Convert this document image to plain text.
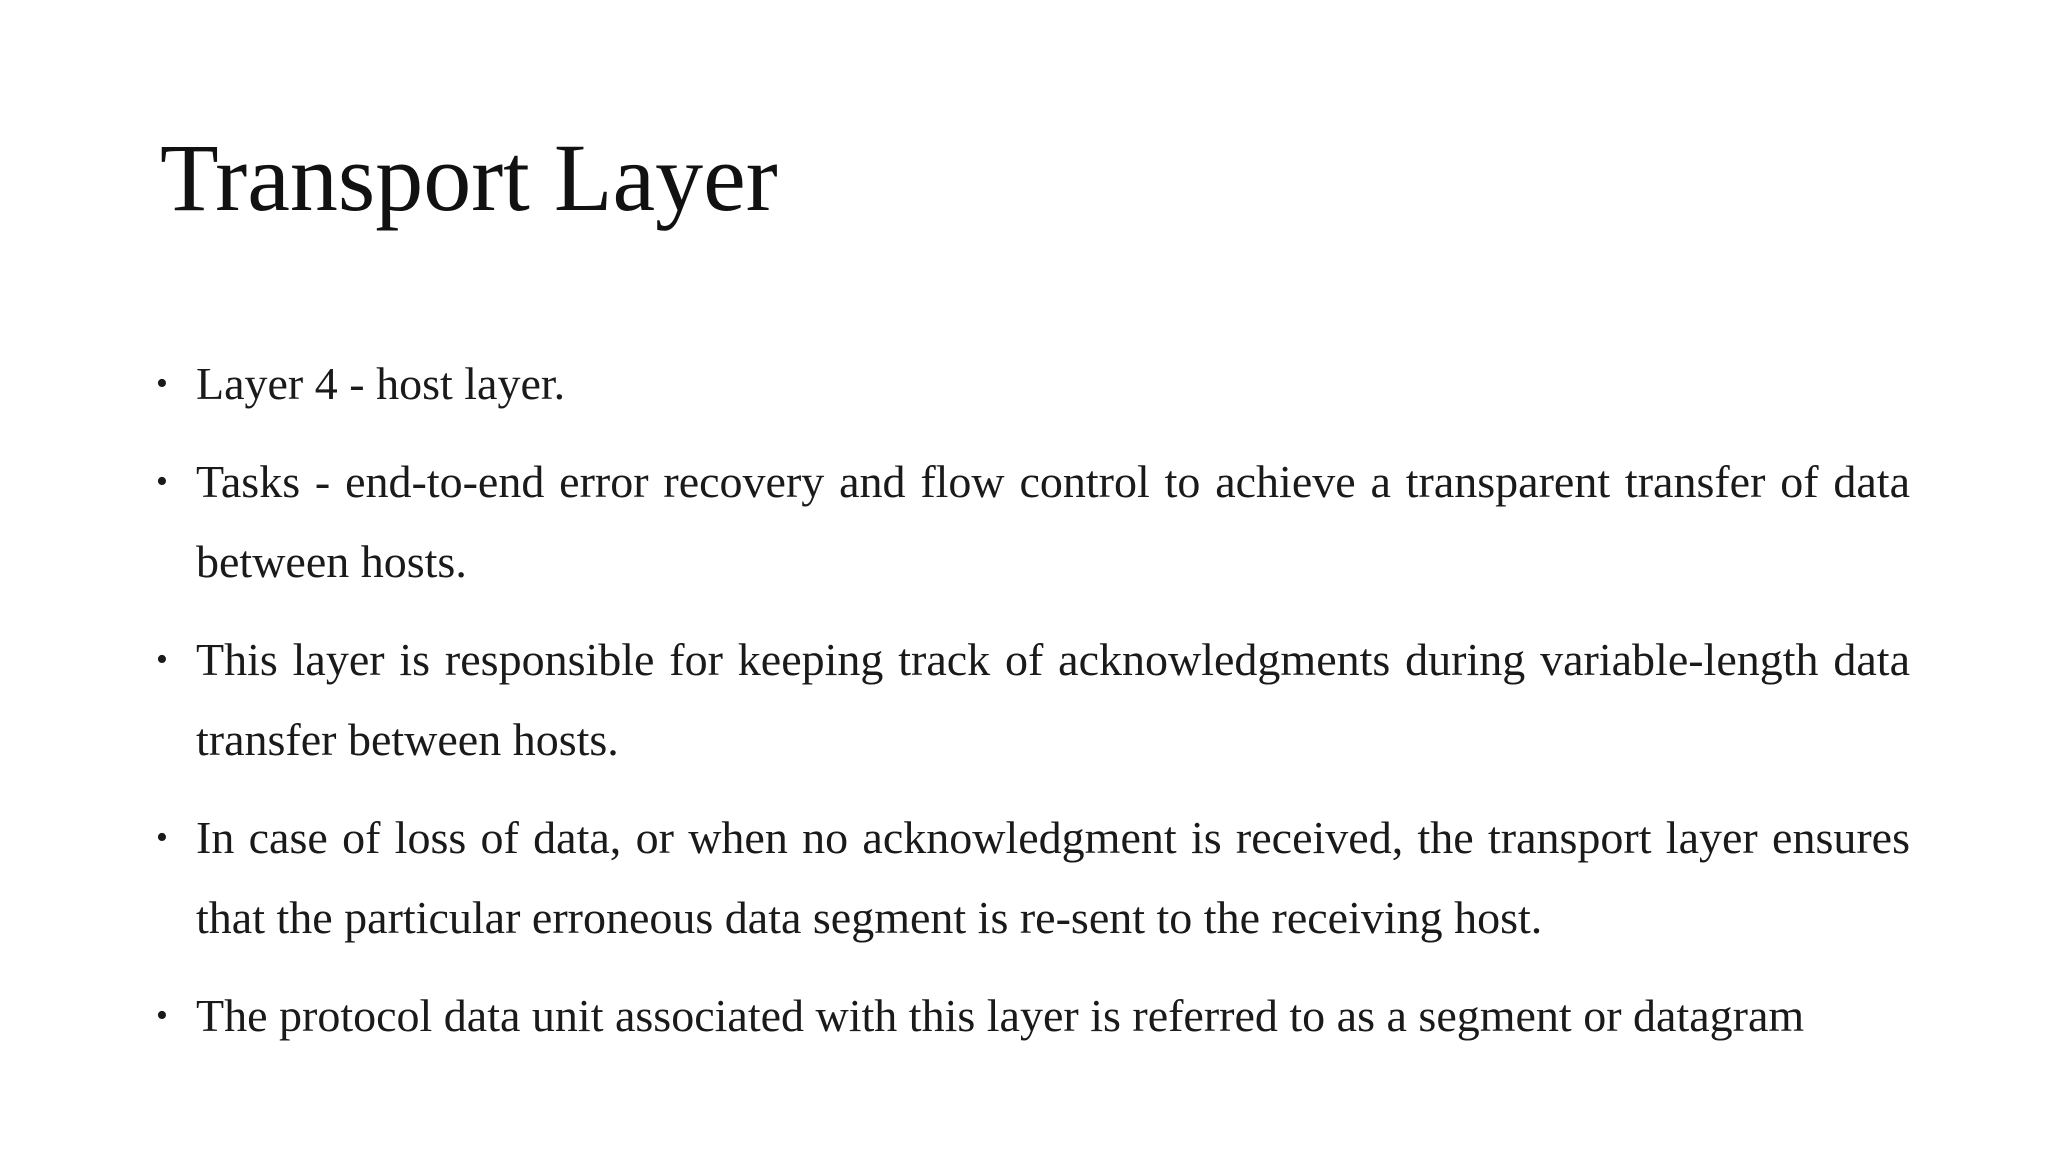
Transport Layer
• Layer 4 - host layer.
• Tasks - end-to-end error recovery and flow control to achieve a transparent transfer of data between hosts.
• This layer is responsible for keeping track of acknowledgments during variable-length data transfer between hosts.
• In case of loss of data, or when no acknowledgment is received, the transport layer ensures that the particular erroneous data segment is re-sent to the receiving host.
• The protocol data unit associated with this layer is referred to as a segment or datagram
